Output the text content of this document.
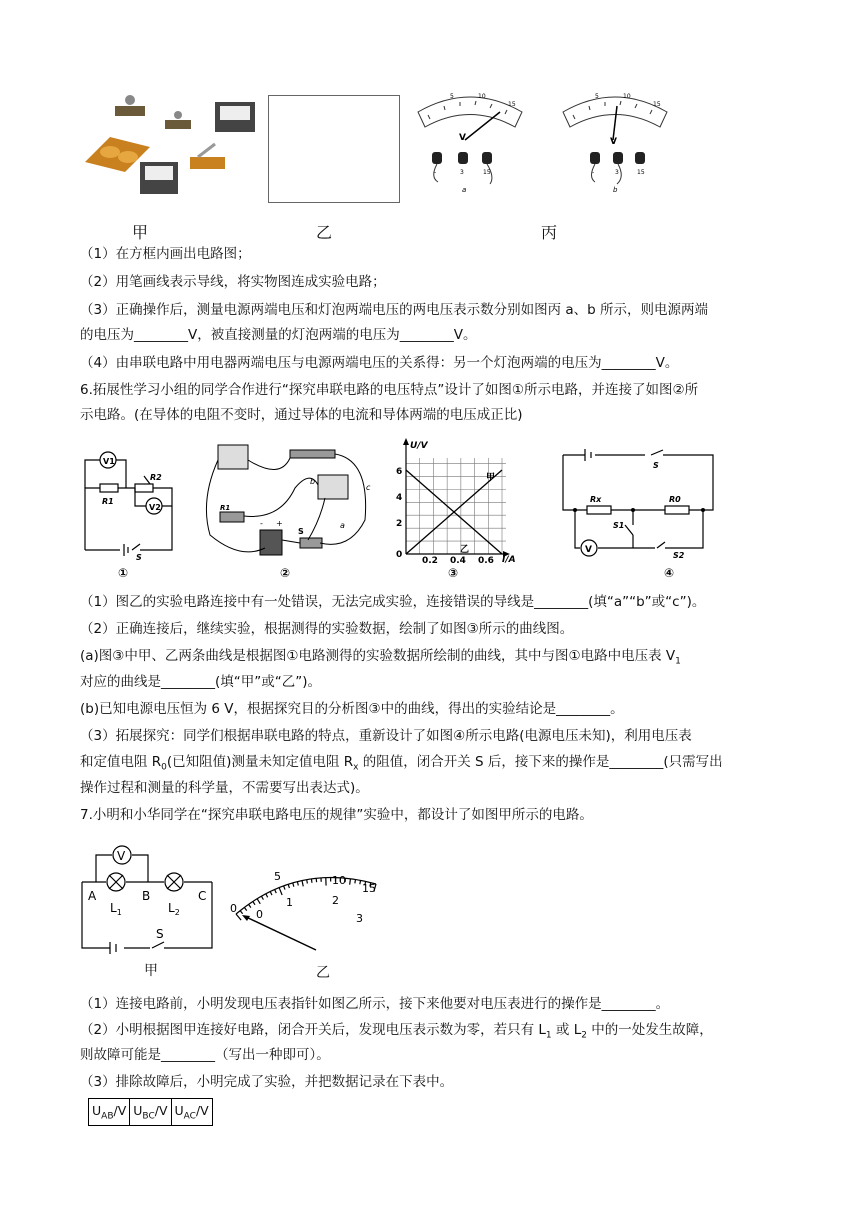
5	10
15
V
-	3	15
a
5	10
15
V
-	3	15
b
甲	乙	丙
（1）在方框内画出电路图；
（2）用笔画线表示导线，将实物图连成实验电路；
（3）正确操作后，测量电源两端电压和灯泡两端电压的两电压表示数分别如图丙 a、b 所示，则电源两端
的电压为________V，被直接测量的灯泡两端的电压为________V。
（4）由串联电路中用电器两端电压与电源两端电压的关系得：另一个灯泡两端的电压为________V。
6.拓展性学习小组的同学合作进行“探究串联电路的电压特点”设计了如图①所示电路，并连接了如图②所
示电路。(在导体的电阻不变时，通过导体的电流和导体两端的电压成正比)
V1
V2
R1
R2
S
①
a
b
c
S
R1
- +
②
U/V
I/A
6
4
2
0
0.2 0.4 0.6
甲
乙
③
S
Rx	R0
S1
S2
V
④
（1）图乙的实验电路连接中有一处错误，无法完成实验，连接错误的导线是________(填“a”“b”或“c”)。
（2）正确连接后，继续实验，根据测得的实验数据，绘制了如图③所示的曲线图。
(a)图③中甲、乙两条曲线是根据图①电路测得的实验数据所绘制的曲线，其中与图①电路中电压表 $V_1$
对应的曲线是________(填“甲”或“乙”)。
(b)已知电源电压恒为 6 V，根据探究目的分析图③中的曲线，得出的实验结论是________。
（3）拓展探究：同学们根据串联电路的特点，重新设计了如图④所示电路(电源电压未知)，利用电压表
和定值电阻 $R_0$(已知阻值)测量未知定值电阻 $R_x$ 的阻值，闭合开关 S 后，接下来的操作是________(只需写出
操作过程和测量的科学量，不需要写出表达式)。
7.小明和小华同学在“探究串联电路电压的规律”实验中，都设计了如图甲所示的电路。
V
A	B	C
$L_1$	$L_2$
S
甲
0
5	10
15
0
1	2
3
乙
（1）连接电路前，小明发现电压表指针如图乙所示，接下来他要对电压表进行的操作是________。
（2）小明根据图甲连接好电路，闭合开关后，发现电压表示数为零，若只有 $L_1$ 或 $L_2$ 中的一处发生故障，
则故障可能是________（写出一种即可）。
（3）排除故障后，小明完成了实验，并把数据记录在下表中。
$U_{AB}/V$	$U_{BC}/V$	$U_{AC}/V$
